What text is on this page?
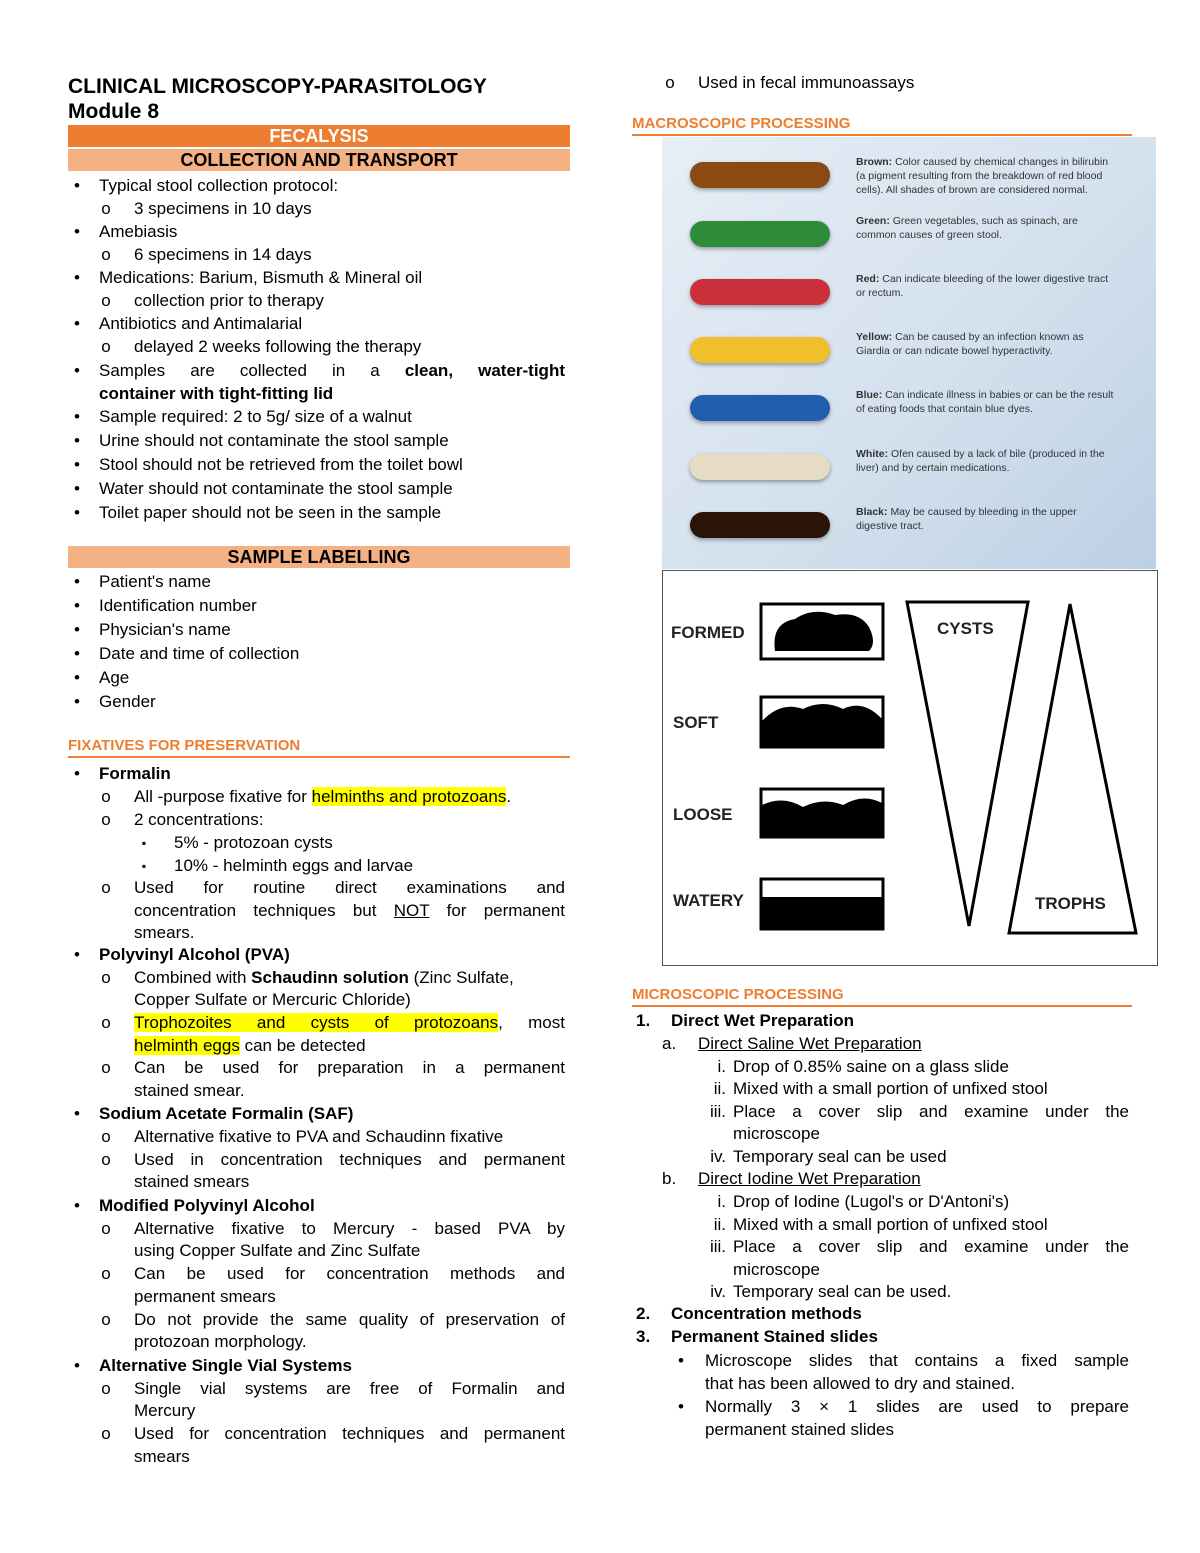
CLINICAL MICROSCOPY-PARASITOLOGY
Module 8
FECALYSIS
COLLECTION AND TRANSPORT
• Typical stool collection protocol:
o 3 specimens in 10 days
• Amebiasis
o 6 specimens in 14 days
• Medications: Barium, Bismuth & Mineral oil
o collection prior to therapy
• Antibiotics and Antimalarial
o delayed 2 weeks following the therapy
• Samples are collected in a clean, water-tight
container with tight-fitting lid
• Sample required: 2 to 5g/ size of a walnut
• Urine should not contaminate the stool sample
• Stool should not be retrieved from the toilet bowl
• Water should not contaminate the stool sample
• Toilet paper should not be seen in the sample
SAMPLE LABELLING
• Patient's name
• Identification number
• Physician's name
• Date and time of collection
• Age
• Gender
FIXATIVES FOR PRESERVATION
• Formalin
o All -purpose fixative for helminths and protozoans.
o 2 concentrations:
▪ 5% - protozoan cysts
▪ 10% - helminth eggs and larvae
o Used for routine direct examinations and
concentration techniques but NOT for permanent
smears.
• Polyvinyl Alcohol (PVA)
o Combined with Schaudinn solution (Zinc Sulfate,
Copper Sulfate or Mercuric Chloride)
o Trophozoites and cysts of protozoans, most
helminth eggs can be detected
o Can be used for preparation in a permanent
stained smear.
• Sodium Acetate Formalin (SAF)
o Alternative fixative to PVA and Schaudinn fixative
o Used in concentration techniques and permanent
stained smears
• Modified Polyvinyl Alcohol
o Alternative fixative to Mercury - based PVA by
using Copper Sulfate and Zinc Sulfate
o Can be used for concentration methods and
permanent smears
o Do not provide the same quality of preservation of
protozoan morphology.
• Alternative Single Vial Systems
o Single vial systems are free of Formalin and
Mercury
o Used for concentration techniques and permanent
smears
o Used in fecal immunoassays
MACROSCOPIC PROCESSING
Brown: Color caused by chemical changes in bilirubin
(a pigment resulting from the breakdown of red blood
cells). All shades of brown are considered normal.
Green: Green vegetables, such as spinach, are
common causes of green stool.

Red: Can indicate bleeding of the lower digestive tract
or rectum.

Yellow: Can be caused by an infection known as
Giardia or can ndicate bowel hyperactivity.

Blue: Can indicate illness in babies or can be the result
of eating foods that contain blue dyes.

White: Ofen caused by a lack of bile (produced in the
liver) and by certain medications.

Black: May be caused by bleeding in the upper
digestive tract.

FORMED
SOFT
LOOSE
WATERY
CYSTS
TROPHS
MICROSCOPIC PROCESSING
1. Direct Wet Preparation
a. Direct Saline Wet Preparation
i. Drop of 0.85% saine on a glass slide
ii. Mixed with a small portion of unfixed stool
iii. Place a cover slip and examine under the
microscope
iv. Temporary seal can be used
b. Direct Iodine Wet Preparation
i. Drop of Iodine (Lugol's or D'Antoni's)
ii. Mixed with a small portion of unfixed stool
iii. Place a cover slip and examine under the
microscope
iv. Temporary seal can be used.
2. Concentration methods
3. Permanent Stained slides
• Microscope slides that contains a fixed sample
that has been allowed to dry and stained.
• Normally 3 × 1 slides are used to prepare
permanent stained slides
